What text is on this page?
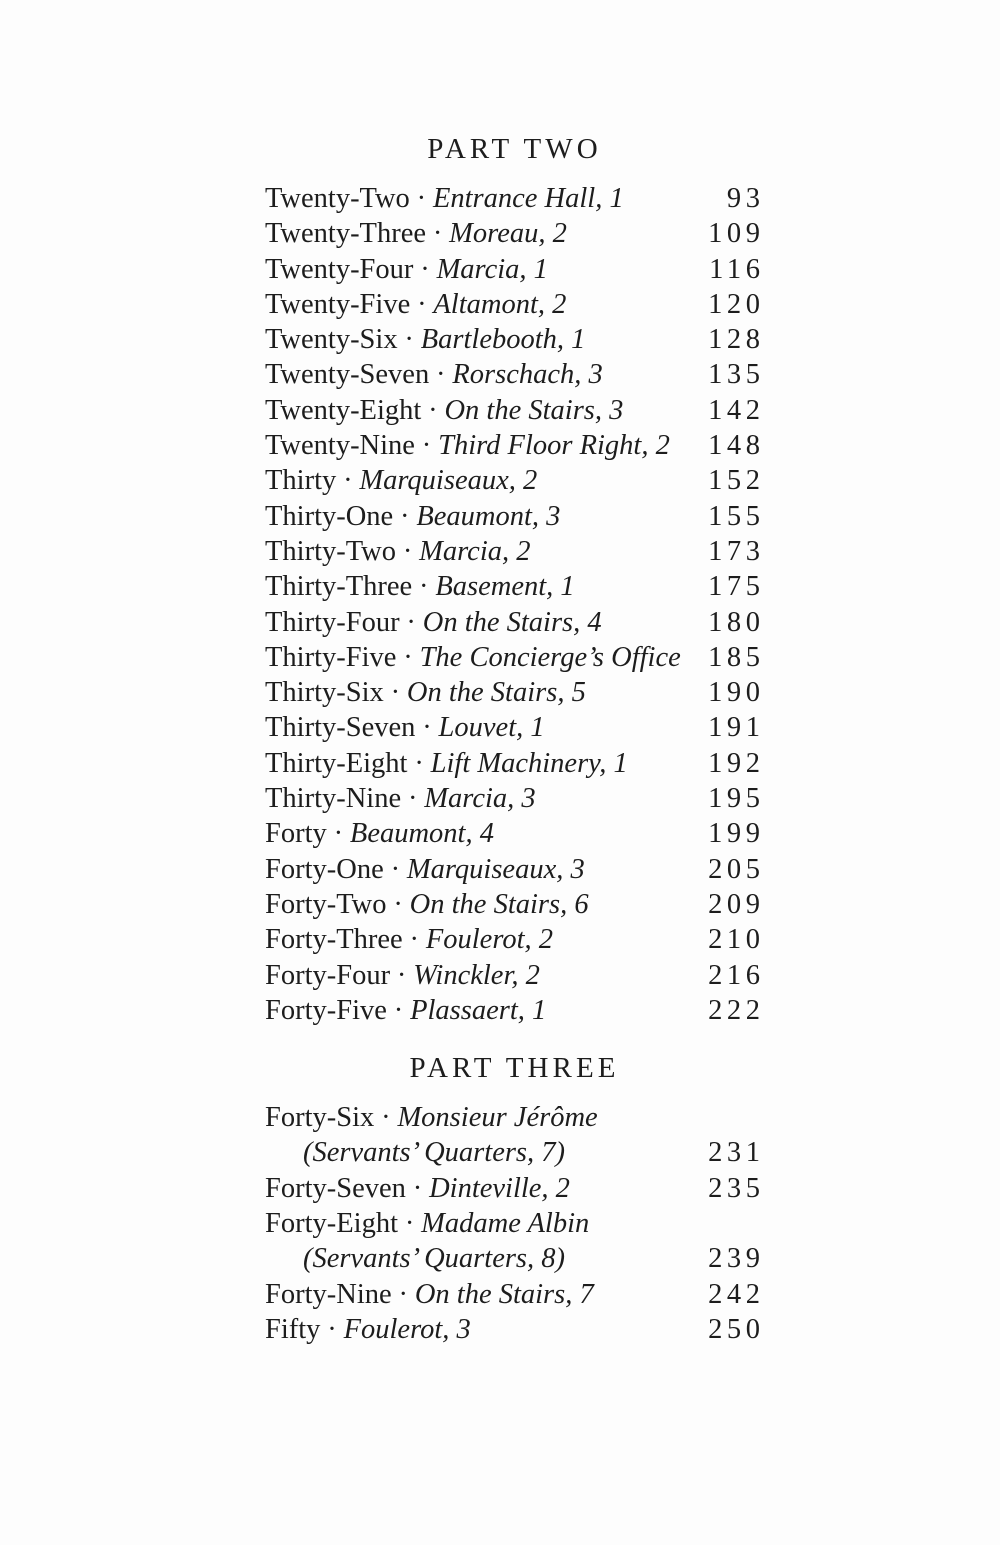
PART TWO
Twenty-Two · Entrance Hall, 1	93
Twenty-Three · Moreau, 2	109
Twenty-Four · Marcia, 1	116
Twenty-Five · Altamont, 2	120
Twenty-Six · Bartlebooth, 1	128
Twenty-Seven · Rorschach, 3	135
Twenty-Eight · On the Stairs, 3	142
Twenty-Nine · Third Floor Right, 2 148
Thirty · Marquiseaux, 2	152
Thirty-One · Beaumont, 3	155
Thirty-Two · Marcia, 2	173
Thirty-Three · Basement, 1	175
Thirty-Four · On the Stairs, 4	180
Thirty-Five · The Concierge’s Office 185
Thirty-Six · On the Stairs, 5	190
Thirty-Seven · Louvet, 1	191
Thirty-Eight · Lift Machinery, 1	192
Thirty-Nine · Marcia, 3	195
Forty · Beaumont, 4	199
Forty-One · Marquiseaux, 3	205
Forty-Two · On the Stairs, 6	209
Forty-Three · Foulerot, 2	210
Forty-Four · Winckler, 2	216
Forty-Five · Plassaert, 1	222
PART THREE
Forty-Six · Monsieur Jérôme
(Servants’ Quarters, 7)	231
Forty-Seven · Dinteville, 2	235
Forty-Eight · Madame Albin
(Servants’ Quarters, 8)	239
Forty-Nine · On the Stairs, 7	242
Fifty · Foulerot, 3	250
